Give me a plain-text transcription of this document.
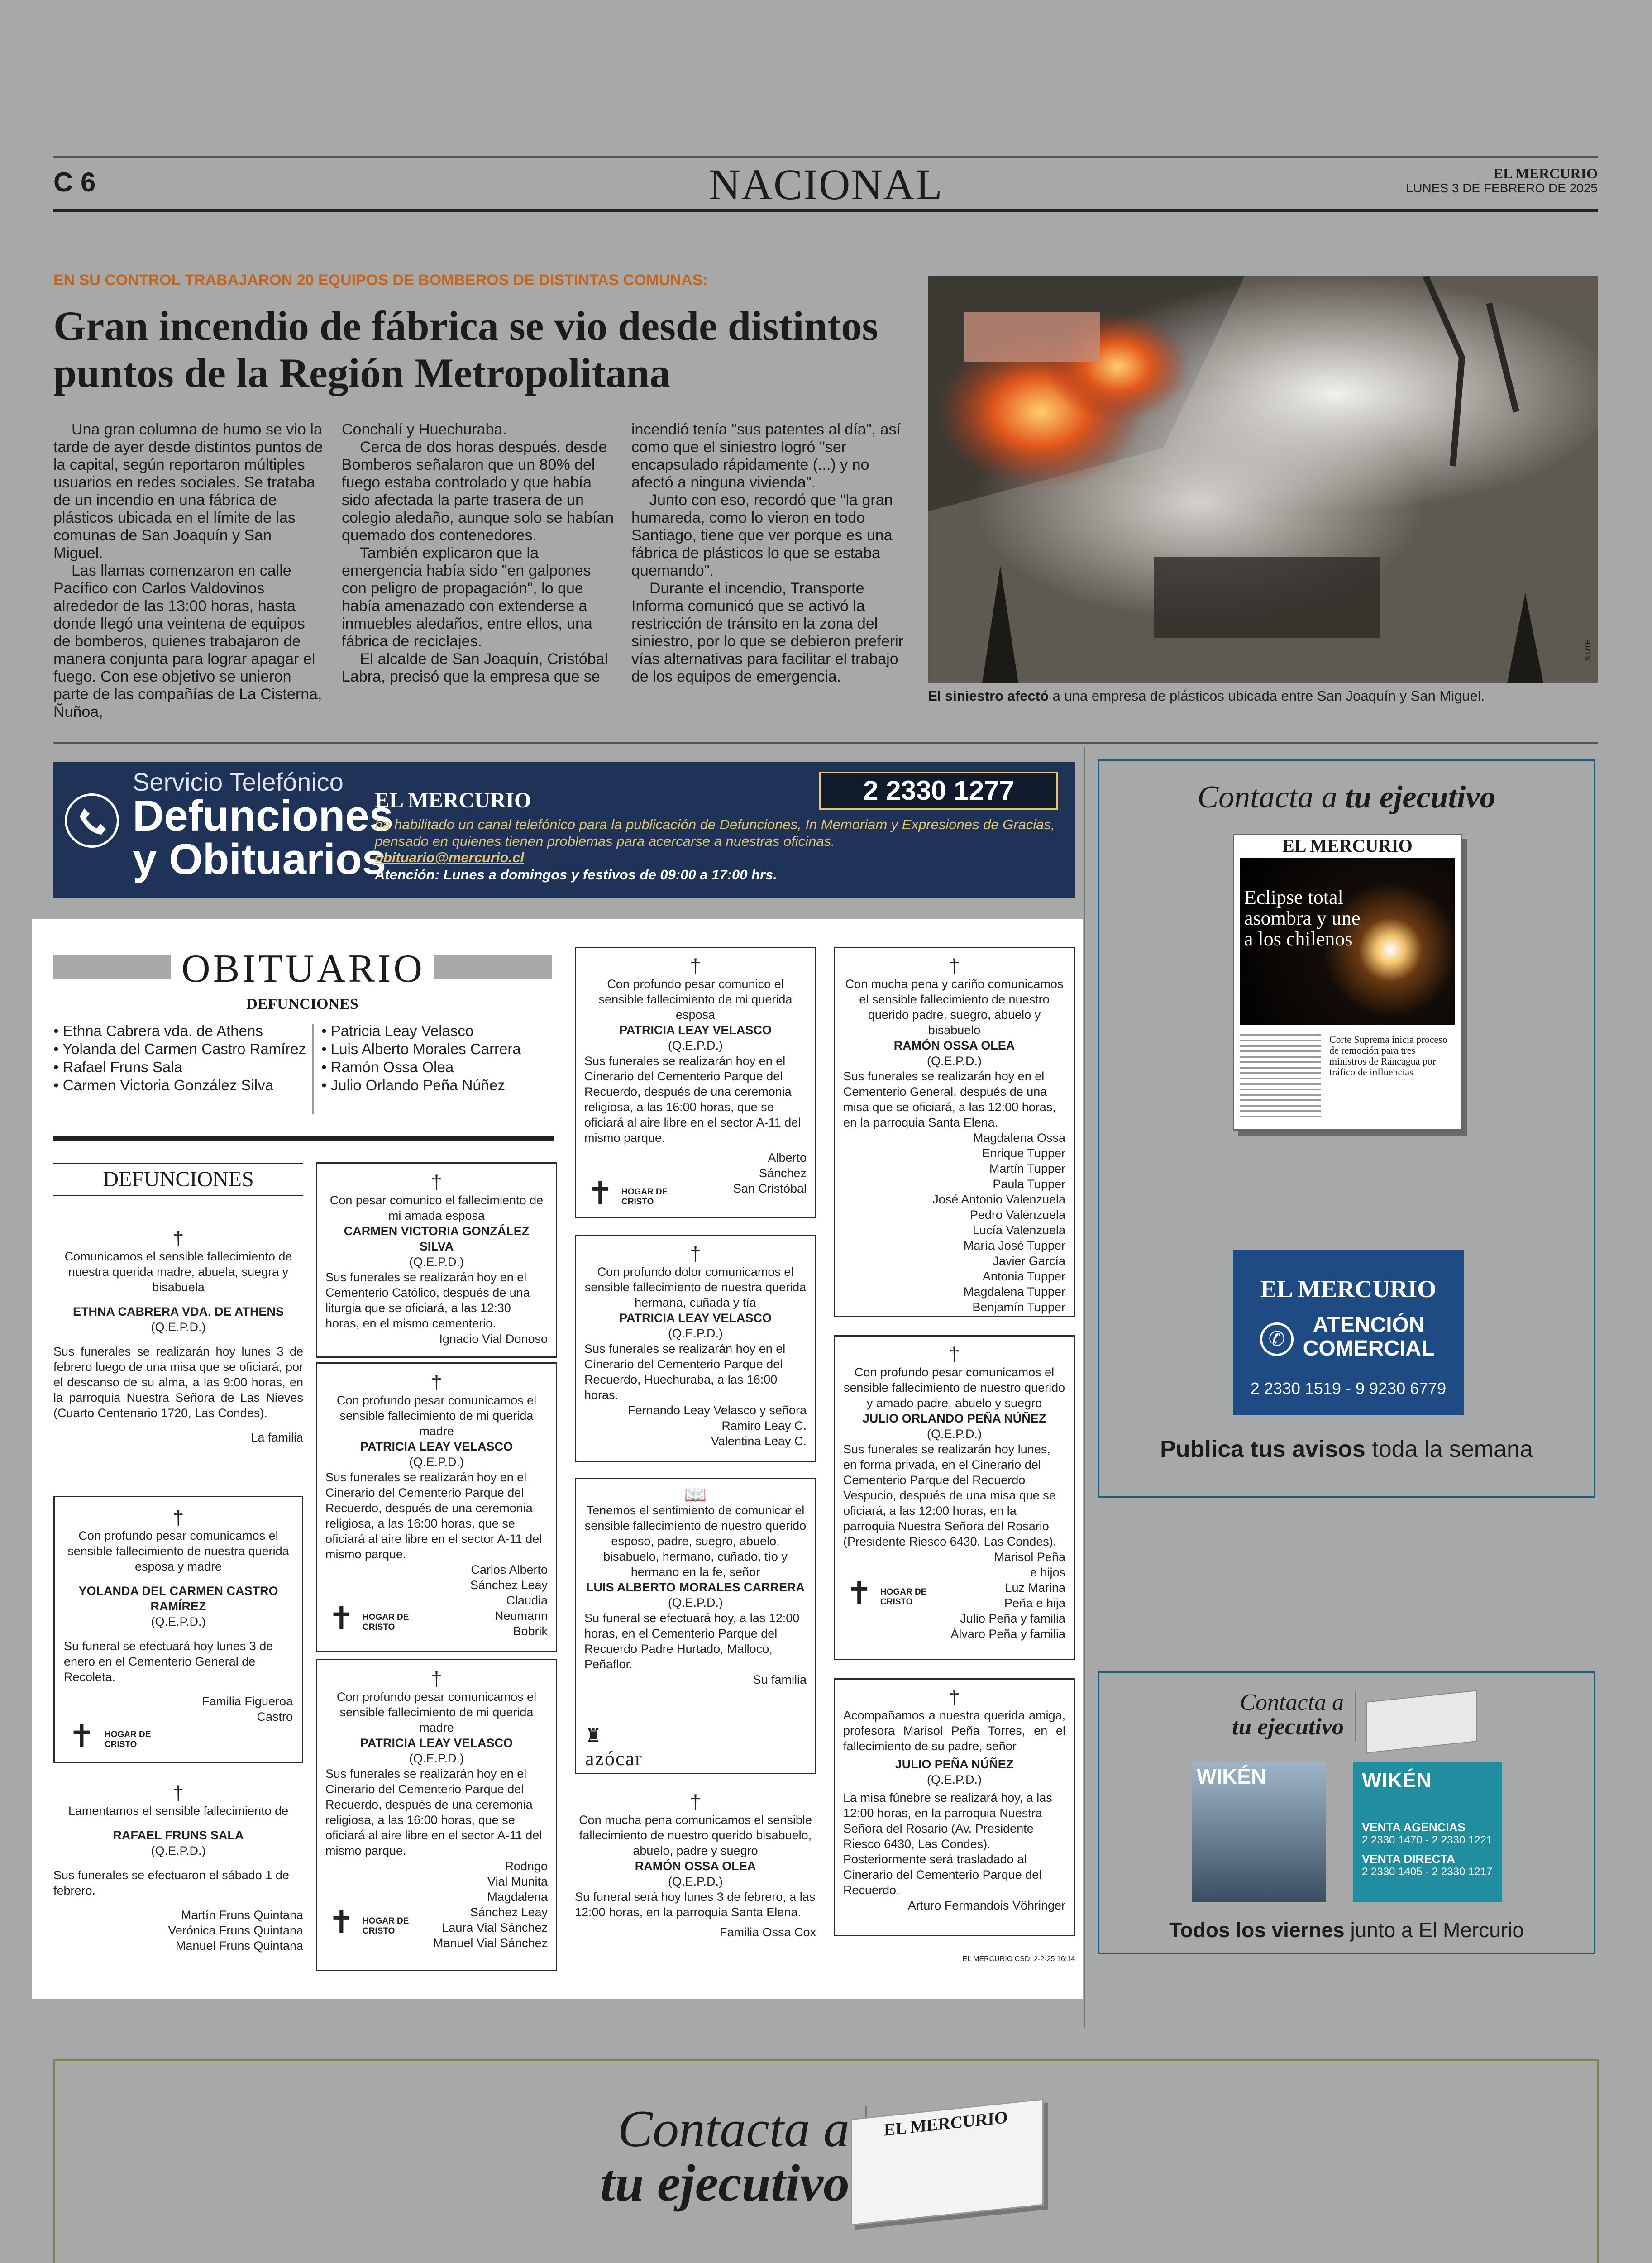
C 6	NACIONAL	EL MERCURIO
LUNES 3 DE FEBRERO DE 2025
EN SU CONTROL TRABAJARON 20 EQUIPOS DE BOMBEROS DE DISTINTAS COMUNAS:
Gran incendio de fábrica se vio desde distintos puntos de la Región Metropolitana

Una gran columna de humo se vio la tarde de ayer desde distintos puntos de la capital, según reportaron múltiples usuarios en redes sociales. Se trataba de un incendio en una fábrica de plásticos ubicada en el límite de las comunas de San Joaquín y San Miguel.

Las llamas comenzaron en calle Pacífico con Carlos Valdovinos alrededor de las 13:00 horas, hasta donde llegó una veintena de equipos de bomberos, quienes trabajaron de manera conjunta para lograr apagar el fuego. Con ese objetivo se unieron parte de las compañías de La Cisterna, Ñuñoa,

Conchalí y Huechuraba.

Cerca de dos horas después, desde Bomberos señalaron que un 80% del fuego estaba controlado y que había sido afectada la parte trasera de un colegio aledaño, aunque solo se habían quemado dos contenedores.

También explicaron que la emergencia había sido "en galpones con peligro de propagación", lo que había amenazado con extenderse a inmuebles aledaños, entre ellos, una fábrica de reciclajes.

El alcalde de San Joaquín, Cristóbal Labra, precisó que la empresa que se

incendió tenía "sus patentes al día", así como que el siniestro logró "ser encapsulado rápidamente (...) y no afectó a ninguna vivienda".

Junto con eso, recordó que "la gran humareda, como lo vieron en todo Santiago, tiene que ver porque es una fábrica de plásticos lo que se estaba quemando".

Durante el incendio, Transporte Informa comunicó que se activó la restricción de tránsito en la zona del siniestro, por lo que se debieron preferir vías alternativas para facilitar el trabajo de los equipos de emergencia.

S.UTE
El siniestro afectó a una empresa de plásticos ubicada entre San Joaquín y San Miguel.
Servicio Telefónico
Defunciones
y Obituarios
EL MERCURIO	2 2330 1277
ha habilitado un canal telefónico para la publicación de Defunciones, In Memoriam y Expresiones de Gracias, pensado en quienes tienen problemas para acercarse a nuestras oficinas.
obituario@mercurio.cl
Atención: Lunes a domingos y festivos de 09:00 a 17:00 hrs.
OBITUARIO
DEFUNCIONES
• Ethna Cabrera vda. de Athens
• Yolanda del Carmen Castro Ramírez
• Rafael Fruns Sala
• Carmen Victoria González Silva
• Patricia Leay Velasco
• Luis Alberto Morales Carrera
• Ramón Ossa Olea
• Julio Orlando Peña Núñez
DEFUNCIONES
†
Comunicamos el sensible fallecimiento de nuestra querida madre, abuela, suegra y bisabuela
ETHNA CABRERA VDA. DE ATHENS
(Q.E.P.D.)
Sus funerales se realizarán hoy lunes 3 de febrero luego de una misa que se oficiará, por el descanso de su alma, a las 9:00 horas, en la parroquia Nuestra Señora de Las Nieves (Cuarto Centenario 1720, Las Condes).
La familia
†
Con profundo pesar comunicamos el sensible fallecimiento de nuestra querida esposa y madre
YOLANDA DEL CARMEN CASTRO RAMÍREZ
(Q.E.P.D.)
Su funeral se efectuará hoy lunes 3 de enero en el Cementerio General de Recoleta.
Familia Figueroa Castro
✝ HOGAR DE CRISTO
†
Lamentamos el sensible fallecimiento de
RAFAEL FRUNS SALA
(Q.E.P.D.)
Sus funerales se efectuaron el sábado 1 de febrero.
Martín Fruns Quintana
Verónica Fruns Quintana
Manuel Fruns Quintana
†
Con pesar comunico el fallecimiento de mi amada esposa
CARMEN VICTORIA GONZÁLEZ SILVA
(Q.E.P.D.)
Sus funerales se realizarán hoy en el Cementerio Católico, después de una liturgia que se oficiará, a las 12:30 horas, en el mismo cementerio.
Ignacio Vial Donoso
†
Con profundo pesar comunicamos el sensible fallecimiento de mi querida madre
PATRICIA LEAY VELASCO
(Q.E.P.D.)
Sus funerales se realizarán hoy en el Cinerario del Cementerio Parque del Recuerdo, después de una ceremonia religiosa, a las 16:00 horas, que se oficiará al aire libre en el sector A-11 del mismo parque.
Carlos Alberto
Sánchez Leay
Claudia
Neumann
Bobrik
✝ HOGAR DE CRISTO
†
Con profundo pesar comunicamos el sensible fallecimiento de mi querida madre
PATRICIA LEAY VELASCO
(Q.E.P.D.)
Sus funerales se realizarán hoy en el Cinerario del Cementerio Parque del Recuerdo, después de una ceremonia religiosa, a las 16:00 horas, que se oficiará al aire libre en el sector A-11 del mismo parque.
Rodrigo
Vial Munita
Magdalena
Sánchez Leay
Laura Vial Sánchez
Manuel Vial Sánchez
✝ HOGAR DE CRISTO
†
Con profundo pesar comunico el sensible fallecimiento de mi querida esposa
PATRICIA LEAY VELASCO
(Q.E.P.D.)
Sus funerales se realizarán hoy en el Cinerario del Cementerio Parque del Recuerdo, después de una ceremonia religiosa, a las 16:00 horas, que se oficiará al aire libre en el sector A-11 del mismo parque.
Alberto
Sánchez
San Cristóbal
✝ HOGAR DE CRISTO
†
Con profundo dolor comunicamos el sensible fallecimiento de nuestra querida hermana, cuñada y tía
PATRICIA LEAY VELASCO
(Q.E.P.D.)
Sus funerales se realizarán hoy en el Cinerario del Cementerio Parque del Recuerdo, Huechuraba, a las 16:00 horas.
Fernando Leay Velasco y señora
Ramiro Leay C.
Valentina Leay C.
📖
Tenemos el sentimiento de comunicar el sensible fallecimiento de nuestro querido esposo, padre, suegro, abuelo, bisabuelo, hermano, cuñado, tío y hermano en la fe, señor
LUIS ALBERTO MORALES CARRERA
(Q.E.P.D.)
Su funeral se efectuará hoy, a las 12:00 horas, en el Cementerio Parque del Recuerdo Padre Hurtado, Malloco, Peñaflor.
Su familia
♜
azócar
†
Con mucha pena comunicamos el sensible fallecimiento de nuestro querido bisabuelo, abuelo, padre y suegro
RAMÓN OSSA OLEA
(Q.E.P.D.)
Su funeral será hoy lunes 3 de febrero, a las 12:00 horas, en la parroquia Santa Elena.
Familia Ossa Cox
†
Con mucha pena y cariño comunicamos el sensible fallecimiento de nuestro querido padre, suegro, abuelo y bisabuelo
RAMÓN OSSA OLEA
(Q.E.P.D.)
Sus funerales se realizarán hoy en el Cementerio General, después de una misa que se oficiará, a las 12:00 horas, en la parroquia Santa Elena.
Magdalena Ossa
Enrique Tupper
Martín Tupper
Paula Tupper
José Antonio Valenzuela
Pedro Valenzuela
Lucía Valenzuela
María José Tupper
Javier García
Antonia Tupper
Magdalena Tupper
Benjamín Tupper
†
Con profundo pesar comunicamos el sensible fallecimiento de nuestro querido y amado padre, abuelo y suegro
JULIO ORLANDO PEÑA NÚÑEZ
(Q.E.P.D.)
Sus funerales se realizarán hoy lunes, en forma privada, en el Cinerario del Cementerio Parque del Recuerdo Vespucio, después de una misa que se oficiará, a las 12:00 horas, en la parroquia Nuestra Señora del Rosario (Presidente Riesco 6430, Las Condes).
Marisol Peña
e hijos
Luz Marina
Peña e hija
Julio Peña y familia
Álvaro Peña y familia
✝ HOGAR DE CRISTO
†
Acompañamos a nuestra querida amiga, profesora Marisol Peña Torres, en el fallecimiento de su padre, señor
JULIO PEÑA NÚÑEZ
(Q.E.P.D.)
La misa fúnebre se realizará hoy, a las 12:00 horas, en la parroquia Nuestra Señora del Rosario (Av. Presidente Riesco 6430, Las Condes). Posteriormente será trasladado al Cinerario del Cementerio Parque del Recuerdo.
Arturo Fermandois Vöhringer
EL MERCURIO CSD: 2-2-25 16:14
Contacta a tu ejecutivo
EL MERCURIO
Eclipse total asombra y une a los chilenos
Corte Suprema inicia proceso de remoción para tres ministros de Rancagua por tráfico de influencias
EL MERCURIO
✆
ATENCIÓN COMERCIAL
2 2330 1519 - 9 9230 6779
Publica tus avisos toda la semana
Contacta a
tu ejecutivo
WIKÉN	WIKÉN
VENTA AGENCIAS
2 2330 1470 - 2 2330 1221
VENTA DIRECTA
2 2330 1405 - 2 2330 1217
Todos los viernes junto a El Mercurio
Contacta a
tu ejecutivo
EL MERCURIO
